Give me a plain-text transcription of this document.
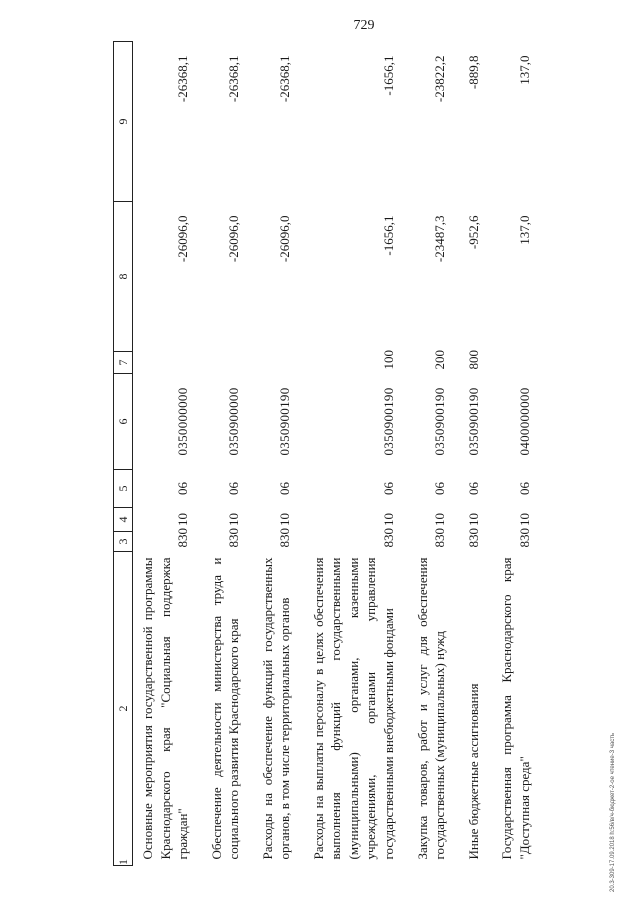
729
1	2	3	4	5	6	7	8	9
	Основные мероприятия государственной программы Краснодарского края "Социальная поддержка граждан"	830	10	06	0350000000		-26096,0	-26368,1
	Обеспечение деятельности министерства труда и социального развития Краснодарского края	830	10	06	0350900000		-26096,0	-26368,1
	Расходы на обеспечение функций государственных органов, в том числе территориальных органов	830	10	06	0350900190		-26096,0	-26368,1
	Расходы на выплаты персоналу в целях обеспечения выполнения функций государственными (муниципальными) органами, казенными учреждениями, органами управления государственными внебюджетными фондами	830	10	06	0350900190	100	-1656,1	-1656,1
	Закупка товаров, работ и услуг для обеспечения государственных (муниципальных) нужд	830	10	06	0350900190	200	-23487,3	-23822,2
	Иные бюджетные ассигнования	830	10	06	0350900190	800	-952,6	-889,8
	Государственная программа Краснодарского края "Доступная среда"	830	10	06	0400000000		137,0	137,0
20.3-309-17.09.2018 h:56/в/ч-бюджет-2-ое чтение-3 часть
